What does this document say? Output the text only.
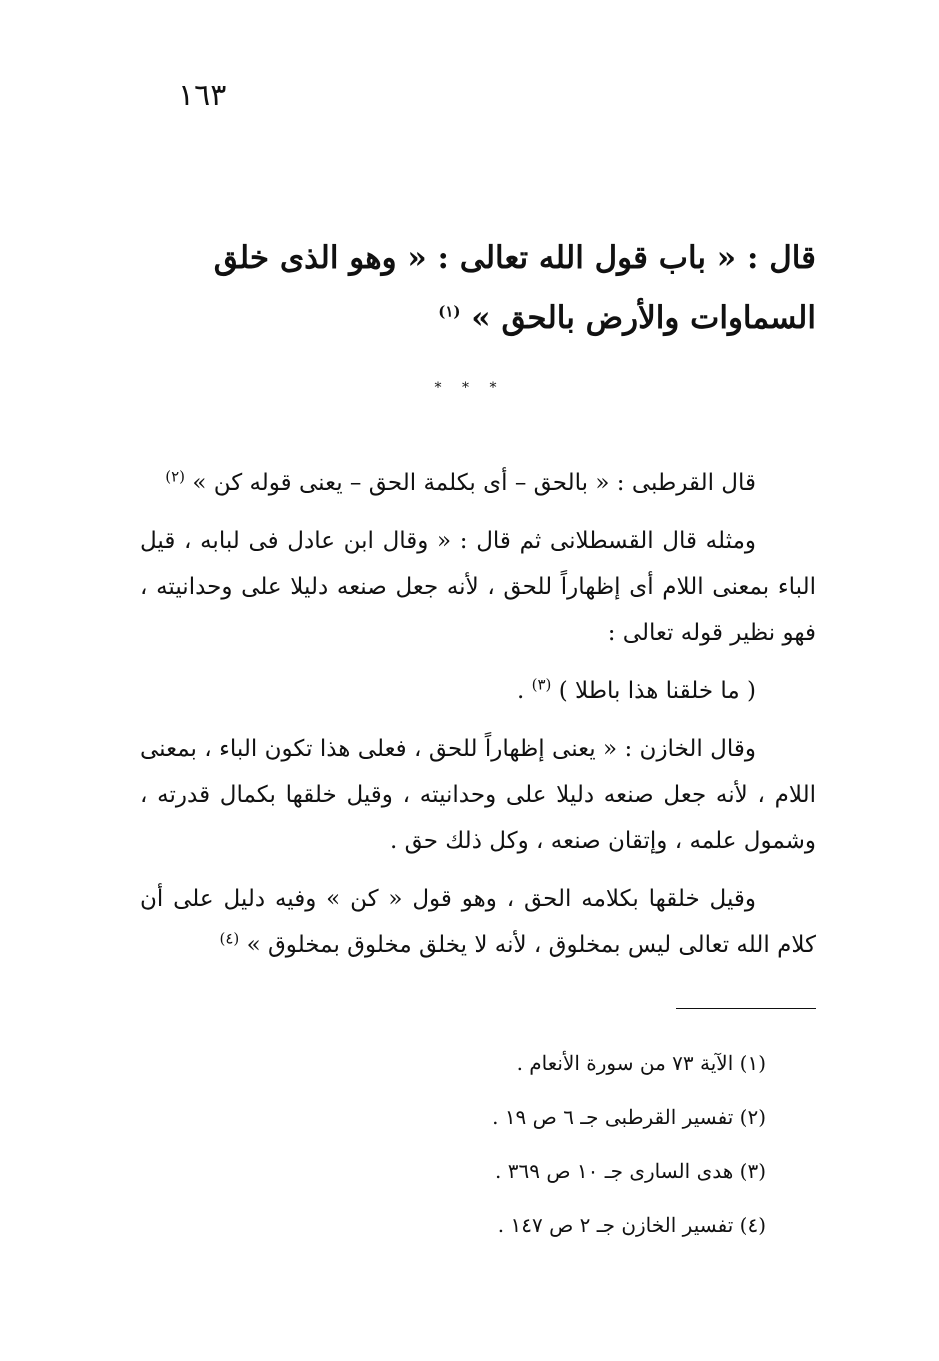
١٦٣
قال : « باب قول الله تعالى : « وهو الذى خلق السماوات والأرض بالحق » $^{(١)}$
* * *

قال القرطبى : « بالحق – أى بكلمة الحق – يعنى قوله كن » $^{(٢)}$

ومثله قال القسطلانى ثم قال : « وقال ابن عادل فى لبابه ، قيل الباء بمعنى اللام أى إظهاراً للحق ، لأنه جعل صنعه دليلا على وحدانيته ، فهو نظير قوله تعالى :

( ما خلقنا هذا باطلا ) $^{(٣)}$ .

وقال الخازن : « يعنى إظهاراً للحق ، فعلى هذا تكون الباء ، بمعنى اللام ، لأنه جعل صنعه دليلا على وحدانيته ، وقيل خلقها بكمال قدرته ، وشمول علمه ، وإتقان صنعه ، وكل ذلك حق .

وقيل خلقها بكلامه الحق ، وهو قول « كن » وفيه دليل على أن كلام الله تعالى ليس بمخلوق ، لأنه لا يخلق مخلوق بمخلوق » $^{(٤)}$

(١) الآية ٧٣ من سورة الأنعام .
(٢) تفسير القرطبى جـ ٦ ص ١٩ .
(٣) هدى السارى جـ ١٠ ص ٣٦٩ .
(٤) تفسير الخازن جـ ٢ ص ١٤٧ .
